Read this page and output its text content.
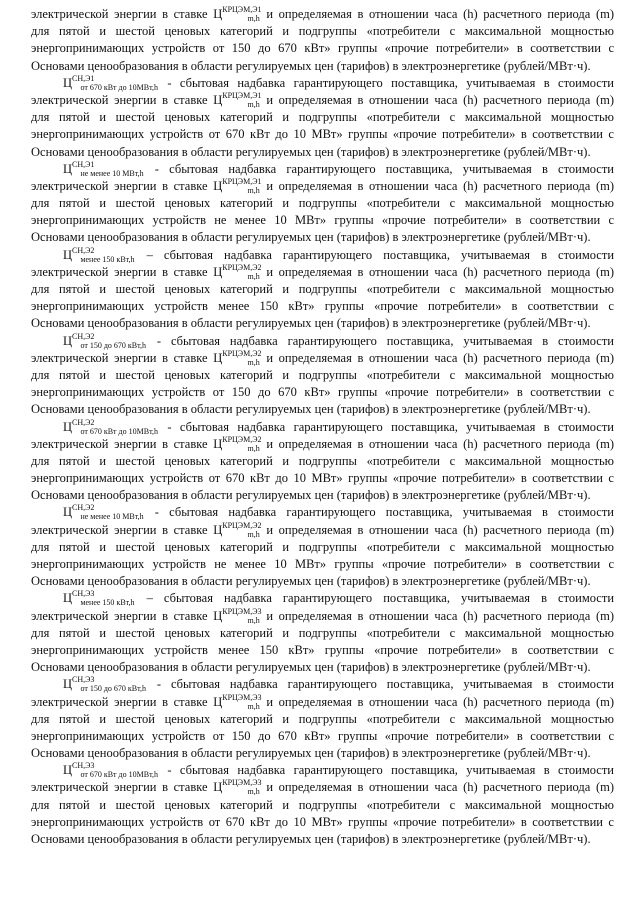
электрической энергии в ставке $Ц^{КРЦЭМ,Э1}_{m,h}$ и определяемая в отношении часа (h) расчетного периода (m)
для пятой и шестой ценовых категорий и подгруппы «потребители с максимальной мощностью
энергопринимающих устройств от 150 до 670 кВт» группы «прочие потребители» в соответствии с
Основами ценообразования в области регулируемых цен (тарифов) в электроэнергетике (рублей/МВт·ч).
$Ц^{СН,Э1}_{от 670 кВт до 10МВт,h}$ - сбытовая надбавка гарантирующего поставщика, учитываемая в стоимости
электрической энергии в ставке $Ц^{КРЦЭМ,Э1}_{m,h}$ и определяемая в отношении часа (h) расчетного периода (m)
для пятой и шестой ценовых категорий и подгруппы «потребители с максимальной мощностью
энергопринимающих устройств от 670 кВт до 10 МВт» группы «прочие потребители» в соответствии с
Основами ценообразования в области регулируемых цен (тарифов) в электроэнергетике (рублей/МВт·ч).
$Ц^{СН,Э1}_{не менее 10 МВт,h}$ - сбытовая надбавка гарантирующего поставщика, учитываемая в стоимости
электрической энергии в ставке $Ц^{КРЦЭМ,Э1}_{m,h}$ и определяемая в отношении часа (h) расчетного периода (m)
для пятой и шестой ценовых категорий и подгруппы «потребители с максимальной мощностью
энергопринимающих устройств не менее 10 МВт» группы «прочие потребители» в соответствии с
Основами ценообразования в области регулируемых цен (тарифов) в электроэнергетике (рублей/МВт·ч).
$Ц^{СН,Э2}_{менее 150 кВт,h}$ – сбытовая надбавка гарантирующего поставщика, учитываемая в стоимости
электрической энергии в ставке $Ц^{КРЦЭМ,Э2}_{m,h}$ и определяемая в отношении часа (h) расчетного периода (m)
для пятой и шестой ценовых категорий и подгруппы «потребители с максимальной мощностью
энергопринимающих устройств менее 150 кВт» группы «прочие потребители» в соответствии с
Основами ценообразования в области регулируемых цен (тарифов) в электроэнергетике (рублей/МВт·ч).
$Ц^{СН,Э2}_{от 150 до 670 кВт,h}$ - сбытовая надбавка гарантирующего поставщика, учитываемая в стоимости
электрической энергии в ставке $Ц^{КРЦЭМ,Э2}_{m,h}$ и определяемая в отношении часа (h) расчетного периода (m)
для пятой и шестой ценовых категорий и подгруппы «потребители с максимальной мощностью
энергопринимающих устройств от 150 до 670 кВт» группы «прочие потребители» в соответствии с
Основами ценообразования в области регулируемых цен (тарифов) в электроэнергетике (рублей/МВт·ч).
$Ц^{СН,Э2}_{от 670 кВт до 10МВт,h}$ - сбытовая надбавка гарантирующего поставщика, учитываемая в стоимости
электрической энергии в ставке $Ц^{КРЦЭМ,Э2}_{m,h}$ и определяемая в отношении часа (h) расчетного периода (m)
для пятой и шестой ценовых категорий и подгруппы «потребители с максимальной мощностью
энергопринимающих устройств от 670 кВт до 10 МВт» группы «прочие потребители» в соответствии с
Основами ценообразования в области регулируемых цен (тарифов) в электроэнергетике (рублей/МВт·ч).
$Ц^{СН,Э2}_{не менее 10 МВт,h}$ - сбытовая надбавка гарантирующего поставщика, учитываемая в стоимости
электрической энергии в ставке $Ц^{КРЦЭМ,Э2}_{m,h}$ и определяемая в отношении часа (h) расчетного периода (m)
для пятой и шестой ценовых категорий и подгруппы «потребители с максимальной мощностью
энергопринимающих устройств не менее 10 МВт» группы «прочие потребители» в соответствии с
Основами ценообразования в области регулируемых цен (тарифов) в электроэнергетике (рублей/МВт·ч).
$Ц^{СН,Э3}_{менее 150 кВт,h}$ – сбытовая надбавка гарантирующего поставщика, учитываемая в стоимости
электрической энергии в ставке $Ц^{КРЦЭМ,Э3}_{m,h}$ и определяемая в отношении часа (h) расчетного периода (m)
для пятой и шестой ценовых категорий и подгруппы «потребители с максимальной мощностью
энергопринимающих устройств менее 150 кВт» группы «прочие потребители» в соответствии с
Основами ценообразования в области регулируемых цен (тарифов) в электроэнергетике (рублей/МВт·ч).
$Ц^{СН,Э3}_{от 150 до 670 кВт,h}$ - сбытовая надбавка гарантирующего поставщика, учитываемая в стоимости
электрической энергии в ставке $Ц^{КРЦЭМ,Э3}_{m,h}$ и определяемая в отношении часа (h) расчетного периода (m)
для пятой и шестой ценовых категорий и подгруппы «потребители с максимальной мощностью
энергопринимающих устройств от 150 до 670 кВт» группы «прочие потребители» в соответствии с
Основами ценообразования в области регулируемых цен (тарифов) в электроэнергетике (рублей/МВт·ч).
$Ц^{СН,Э3}_{от 670 кВт до 10МВт,h}$ - сбытовая надбавка гарантирующего поставщика, учитываемая в стоимости
электрической энергии в ставке $Ц^{КРЦЭМ,Э3}_{m,h}$ и определяемая в отношении часа (h) расчетного периода (m)
для пятой и шестой ценовых категорий и подгруппы «потребители с максимальной мощностью
энергопринимающих устройств от 670 кВт до 10 МВт» группы «прочие потребители» в соответствии с
Основами ценообразования в области регулируемых цен (тарифов) в электроэнергетике (рублей/МВт·ч).
